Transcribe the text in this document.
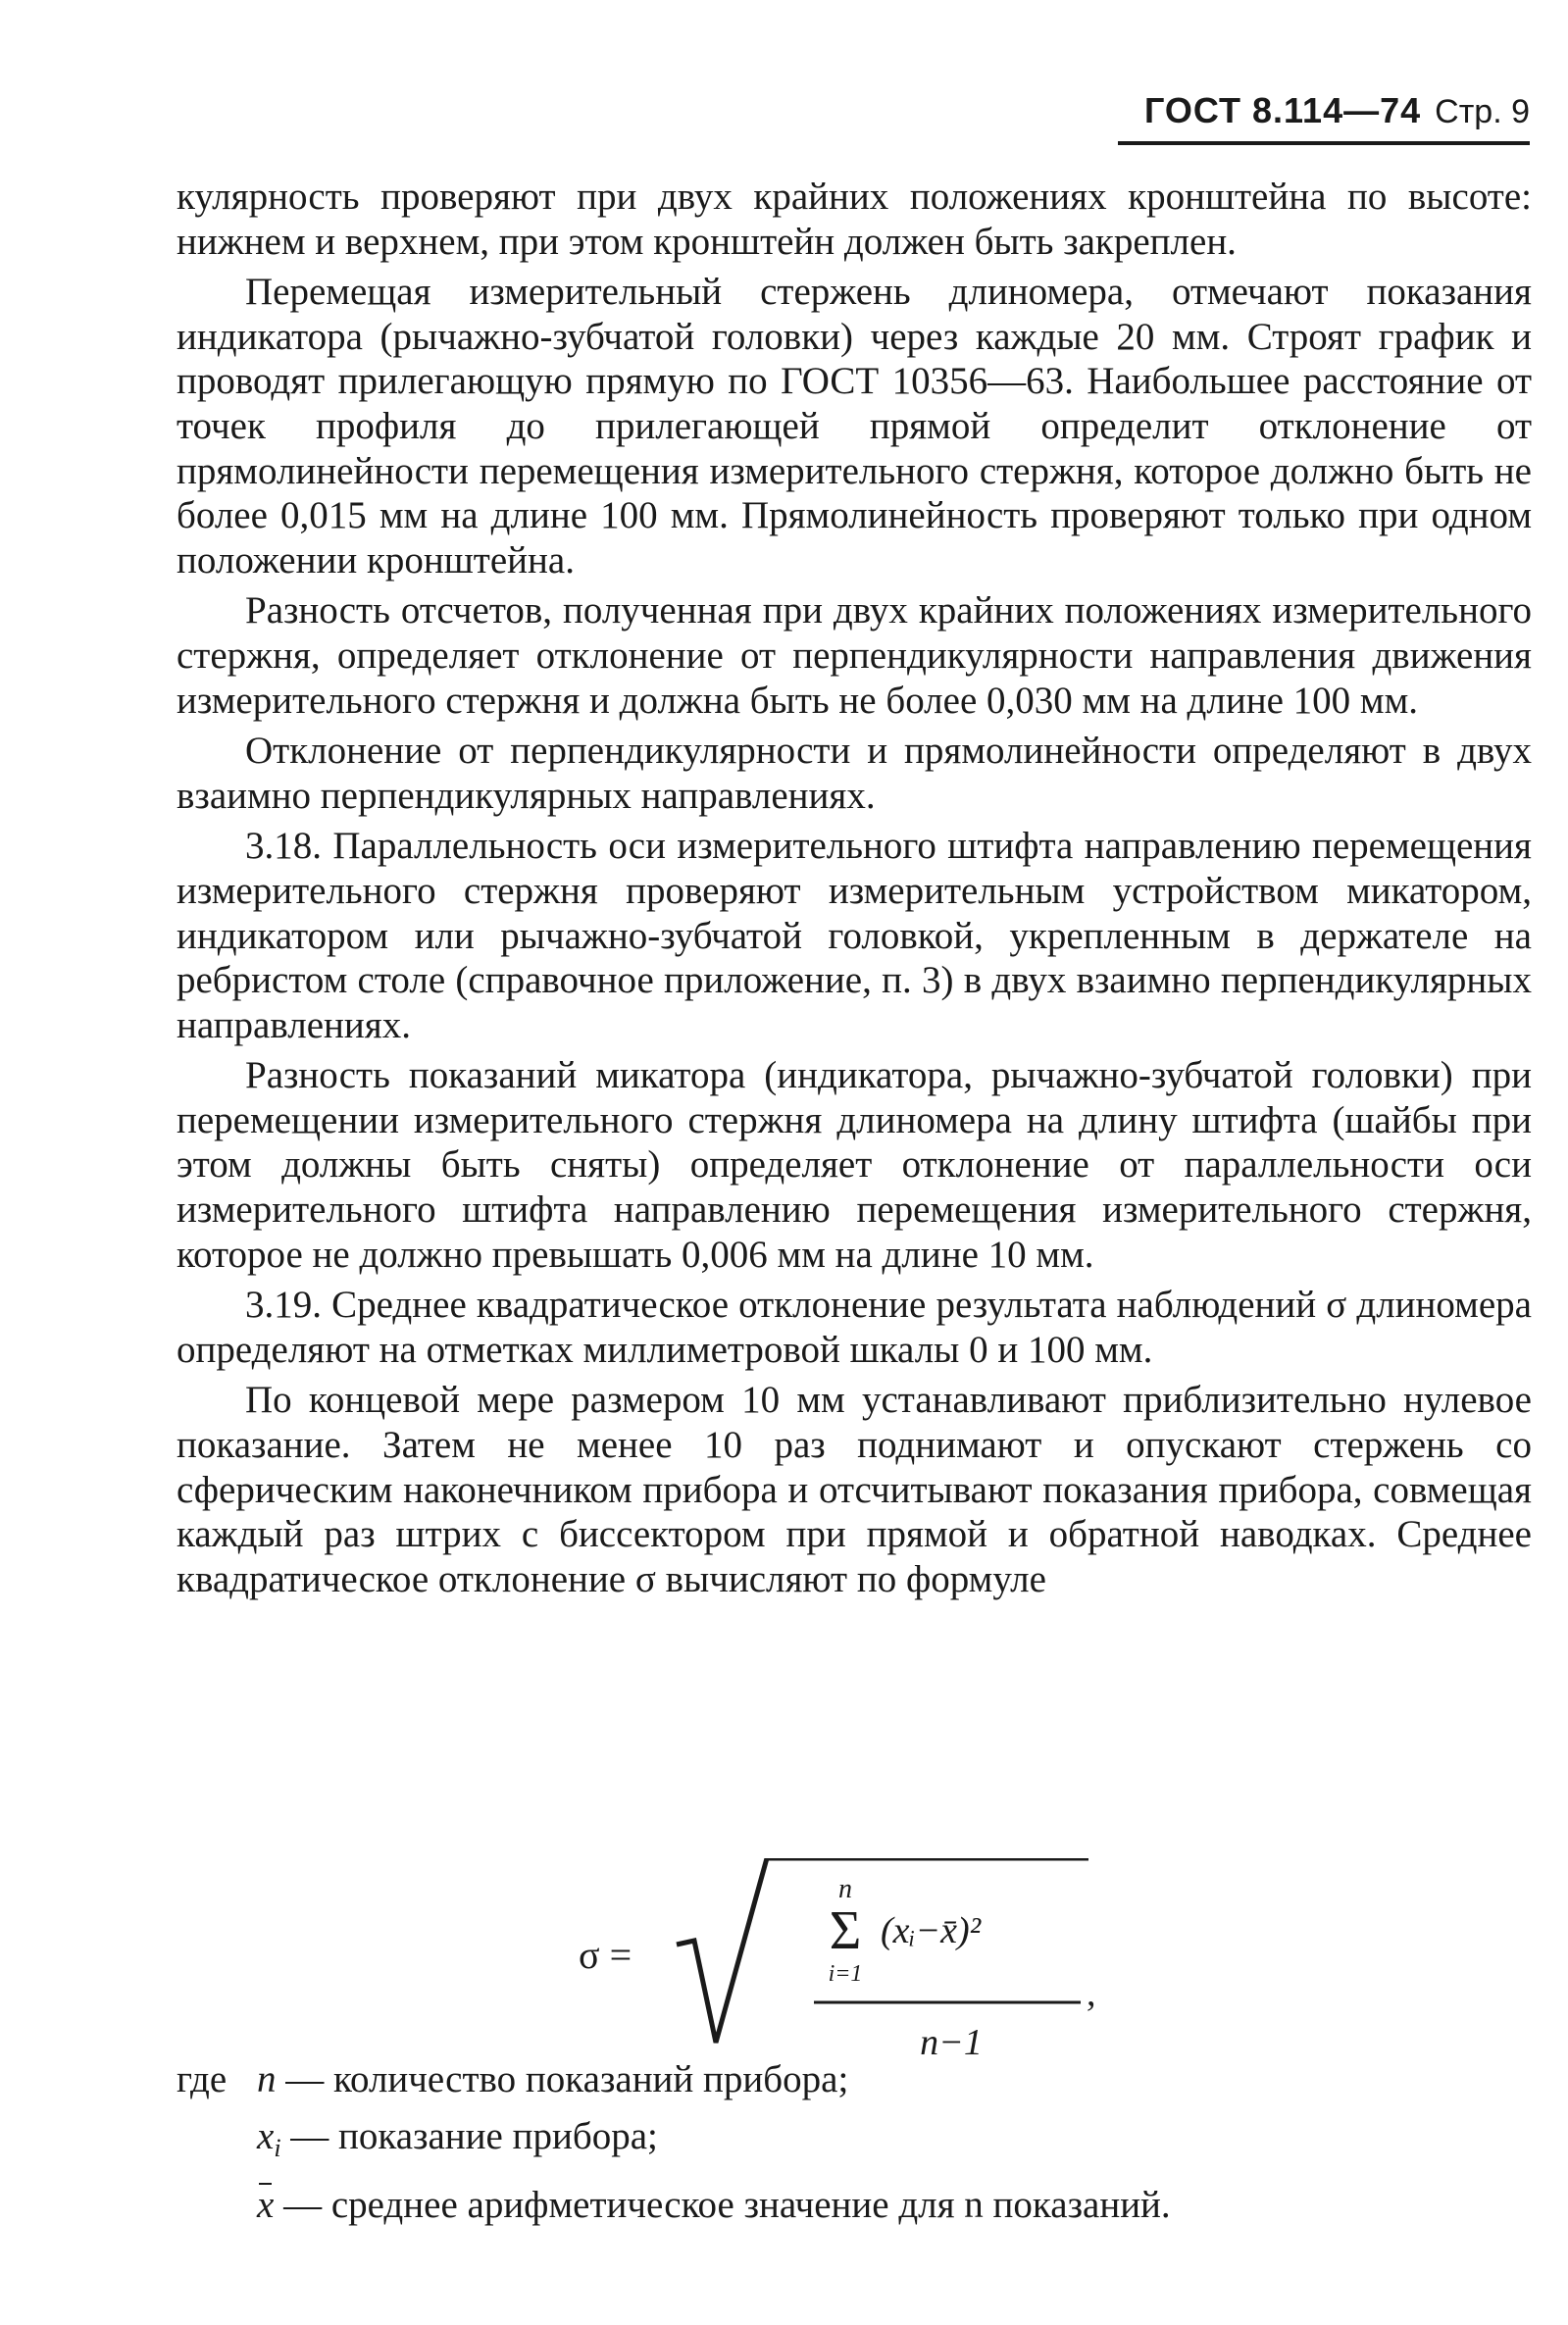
ГОСТ 8.114—74 Стр. 9

кулярность проверяют при двух крайних положениях кронштейна по высоте: нижнем и верхнем, при этом кронштейн должен быть закреплен.

Перемещая измерительный стержень длиномера, отмечают показания индикатора (рычажно-зубчатой головки) через каждые 20 мм. Строят график и проводят прилегающую прямую по ГОСТ 10356—63. Наибольшее расстояние от точек профиля до прилегающей прямой определит отклонение от прямолинейности перемещения измерительного стержня, которое должно быть не более 0,015 мм на длине 100 мм. Прямолинейность проверяют только при одном положении кронштейна.

Разность отсчетов, полученная при двух крайних положениях измерительного стержня, определяет отклонение от перпендикулярности направления движения измерительного стержня и должна быть не более 0,030 мм на длине 100 мм.

Отклонение от перпендикулярности и прямолинейности определяют в двух взаимно перпендикулярных направлениях.

3.18. Параллельность оси измерительного штифта направлению перемещения измерительного стержня проверяют измерительным устройством микатором, индикатором или рычажно-зубчатой головкой, укрепленным в держателе на ребристом столе (справочное приложение, п. 3) в двух взаимно перпендикулярных направлениях.

Разность показаний микатора (индикатора, рычажно-зубчатой головки) при перемещении измерительного стержня длиномера на длину штифта (шайбы при этом должны быть сняты) определяет отклонение от параллельности оси измерительного штифта направлению перемещения измерительного стержня, которое не должно превышать 0,006 мм на длине 10 мм.

3.19. Среднее квадратическое отклонение результата наблюдений σ длиномера определяют на отметках миллиметровой шкалы 0 и 100 мм.

По концевой мере размером 10 мм устанавливают приблизительно нулевое показание. Затем не менее 10 раз поднимают и опускают стержень со сферическим наконечником прибора и отсчитывают показания прибора, совмещая каждый раз штрих с биссектором при прямой и обратной наводках. Среднее квадратическое отклонение σ вычисляют по формуле

σ =
n
Σ
i=1
(xᵢ−x̄)²
n−1
,
где n — количество показаний прибора;
$x_i$ — показание прибора;
x — среднее арифметическое значение для n показаний.
